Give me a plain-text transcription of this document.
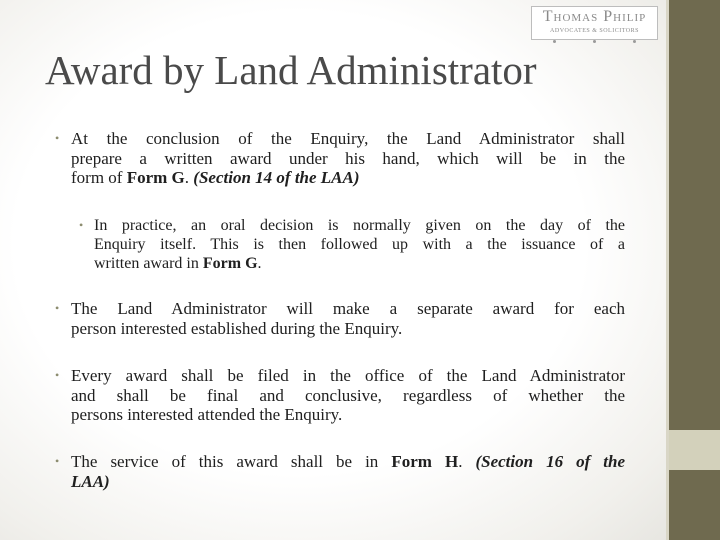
Thomas Philip
ADVOCATES & SOLICITORS
Award by Land Administrator
• At the conclusion of the Enquiry, the Land Administrator shall
prepare a written award under his hand, which will be in the
form of Form G. (Section 14 of the LAA)
• In practice, an oral decision is normally given on the day of the
Enquiry itself. This is then followed up with a the issuance of a
written award in Form G.
• The Land Administrator will make a separate award for each
person interested established during the Enquiry.
• Every award shall be filed in the office of the Land Administrator
and shall be final and conclusive, regardless of whether the
persons interested attended the Enquiry.
• The service of this award shall be in Form H. (Section 16 of the
LAA)
